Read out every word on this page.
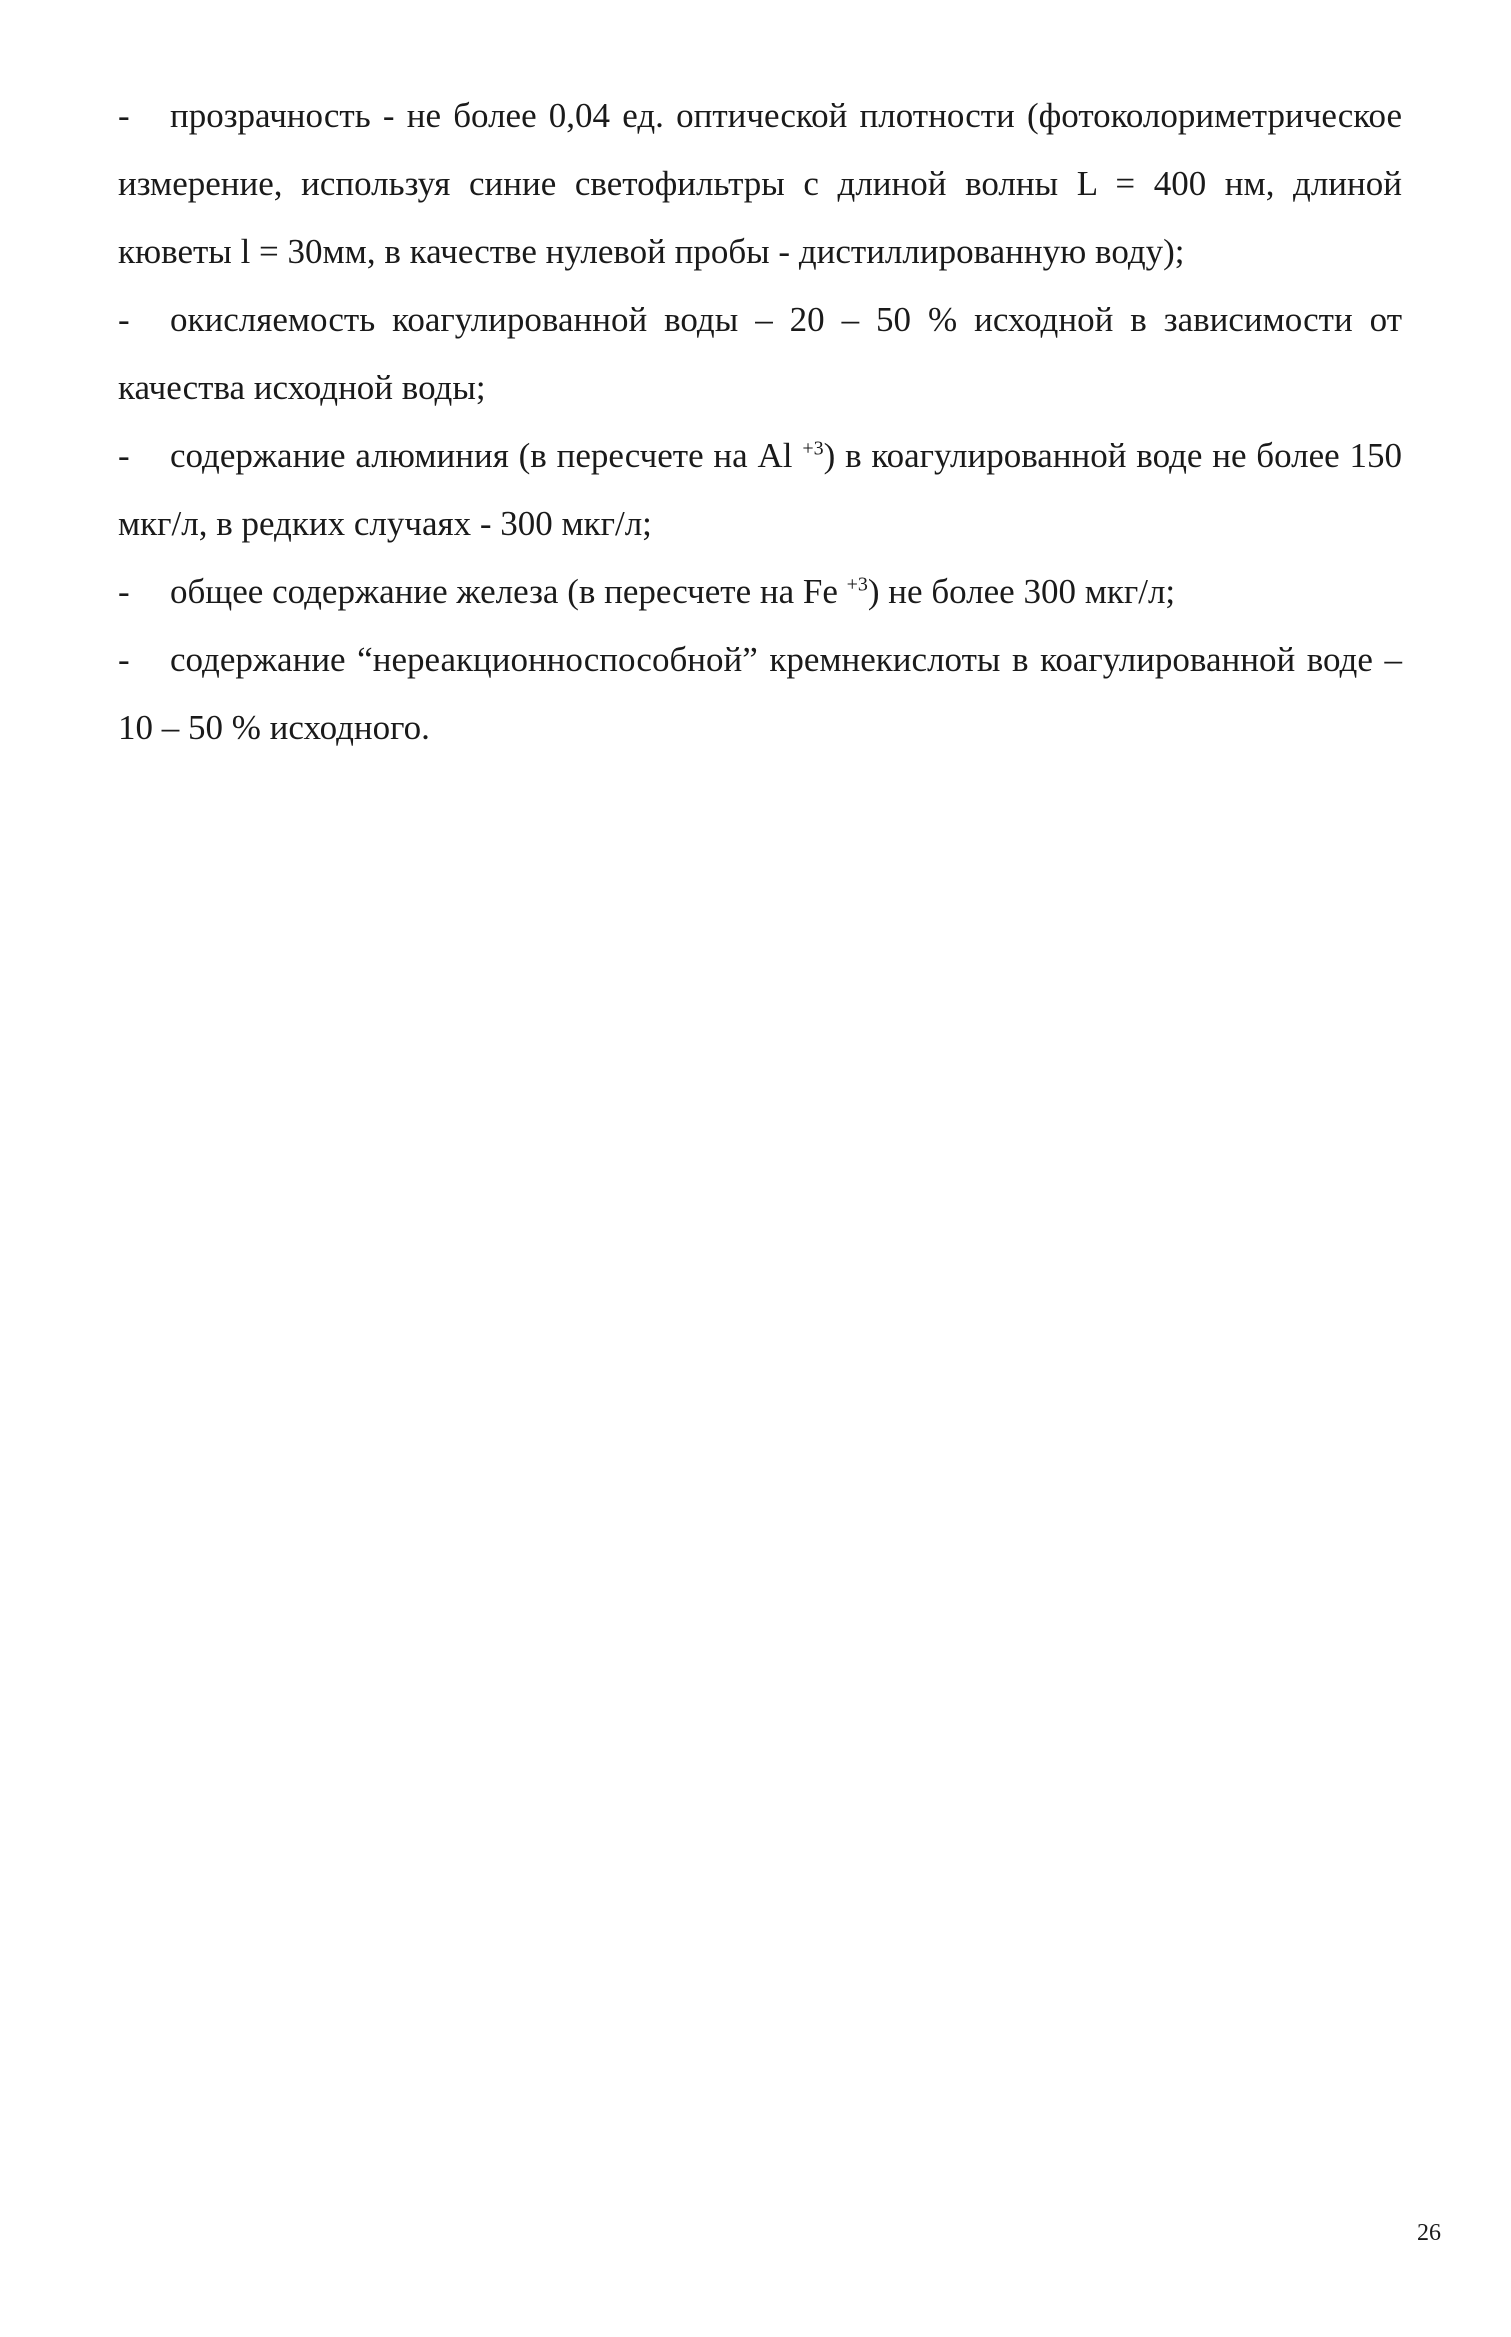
- прозрачность - не более 0,04 ед. оптической плотности (фотоколориметрическое измерение, используя синие светофильтры с длиной волны L = 400 нм, длиной кюветы l = 30мм, в качестве нулевой пробы - дистиллированную воду);

- окисляемость коагулированной воды – 20 – 50 % исходной в зависимости от качества исходной воды;

- содержание алюминия (в пересчете на Al $^{+3}$) в коагулированной воде не более 150 мкг/л, в редких случаях - 300 мкг/л;

- общее содержание железа (в пересчете на Fe $^{+3}$) не более 300 мкг/л;

- содержание “нереакционноспособной” кремнекислоты в коагулированной воде – 10 – 50 % исходного.

26
